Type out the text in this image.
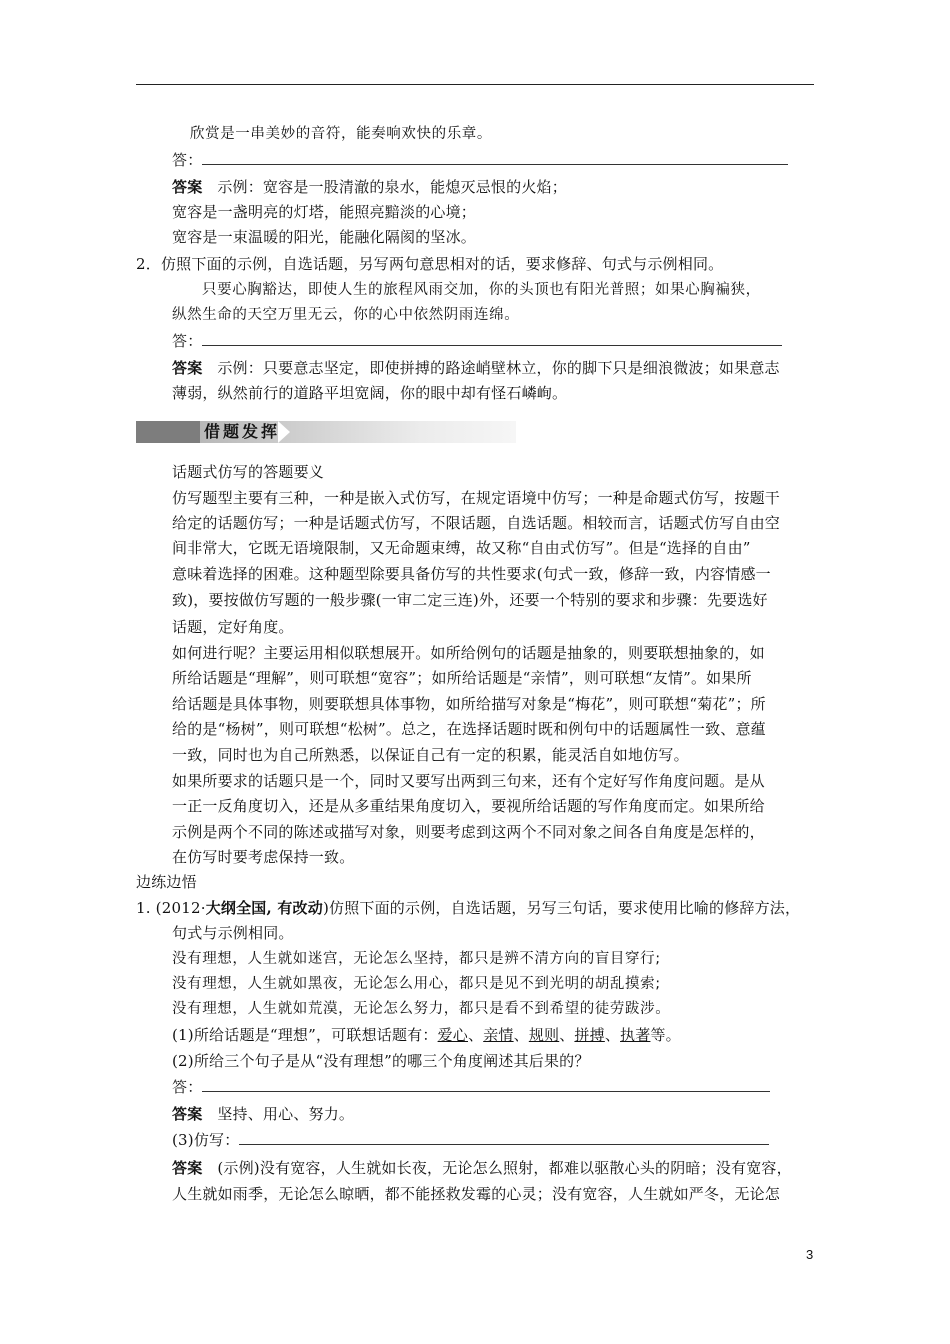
欣赏是一串美妙的音符，能奏响欢快的乐章。
答：
答案 示例：宽容是一股清澈的泉水，能熄灭忌恨的火焰；
宽容是一盏明亮的灯塔，能照亮黯淡的心境；
宽容是一束温暖的阳光，能融化隔阂的坚冰。
2．仿照下面的示例，自选话题，另写两句意思相对的话，要求修辞、句式与示例相同。
只要心胸豁达，即使人生的旅程风雨交加，你的头顶也有阳光普照；如果心胸褊狭，
纵然生命的天空万里无云，你的心中依然阴雨连绵。
答：
答案 示例：只要意志坚定，即使拼搏的路途峭壁林立，你的脚下只是细浪微波；如果意志
薄弱，纵然前行的道路平坦宽阔，你的眼中却有怪石嶙峋。
借题发挥
话题式仿写的答题要义
仿写题型主要有三种，一种是嵌入式仿写，在规定语境中仿写；一种是命题式仿写，按题干
给定的话题仿写；一种是话题式仿写，不限话题，自选话题。相较而言，话题式仿写自由空
间非常大，它既无语境限制，又无命题束缚，故又称“自由式仿写”。但是“选择的自由”
意味着选择的困难。这种题型除要具备仿写的共性要求(句式一致，修辞一致，内容情感一
致)，要按做仿写题的一般步骤(一审二定三连)外，还要一个特别的要求和步骤：先要选好
话题，定好角度。
如何进行呢？主要运用相似联想展开。如所给例句的话题是抽象的，则要联想抽象的，如
所给话题是“理解”，则可联想“宽容”；如所给话题是“亲情”，则可联想“友情”。如果所
给话题是具体事物，则要联想具体事物，如所给描写对象是“梅花”，则可联想“菊花”；所
给的是“杨树”，则可联想“松树”。总之，在选择话题时既和例句中的话题属性一致、意蕴
一致，同时也为自己所熟悉，以保证自己有一定的积累，能灵活自如地仿写。
如果所要求的话题只是一个，同时又要写出两到三句来，还有个定好写作角度问题。是从
一正一反角度切入，还是从多重结果角度切入，要视所给话题的写作角度而定。如果所给
示例是两个不同的陈述或描写对象，则要考虑到这两个不同对象之间各自角度是怎样的，
在仿写时要考虑保持一致。
边练边悟
1. (2012·大纲全国, 有改动)仿照下面的示例，自选话题，另写三句话，要求使用比喻的修辞方法，
句式与示例相同。
没有理想，人生就如迷宫，无论怎么坚持，都只是辨不清方向的盲目穿行;
没有理想，人生就如黑夜，无论怎么用心，都只是见不到光明的胡乱摸索;
没有理想，人生就如荒漠，无论怎么努力，都只是看不到希望的徒劳跋涉。
(1)所给话题是“理想”，可联想话题有：爱心、亲情、规则、拼搏、执著等。
(2)所给三个句子是从“没有理想”的哪三个角度阐述其后果的？
答：
答案 坚持、用心、努力。
(3)仿写：
答案 (示例)没有宽容，人生就如长夜，无论怎么照射，都难以驱散心头的阴暗；没有宽容，
人生就如雨季，无论怎么晾晒，都不能拯救发霉的心灵；没有宽容，人生就如严冬，无论怎
3
